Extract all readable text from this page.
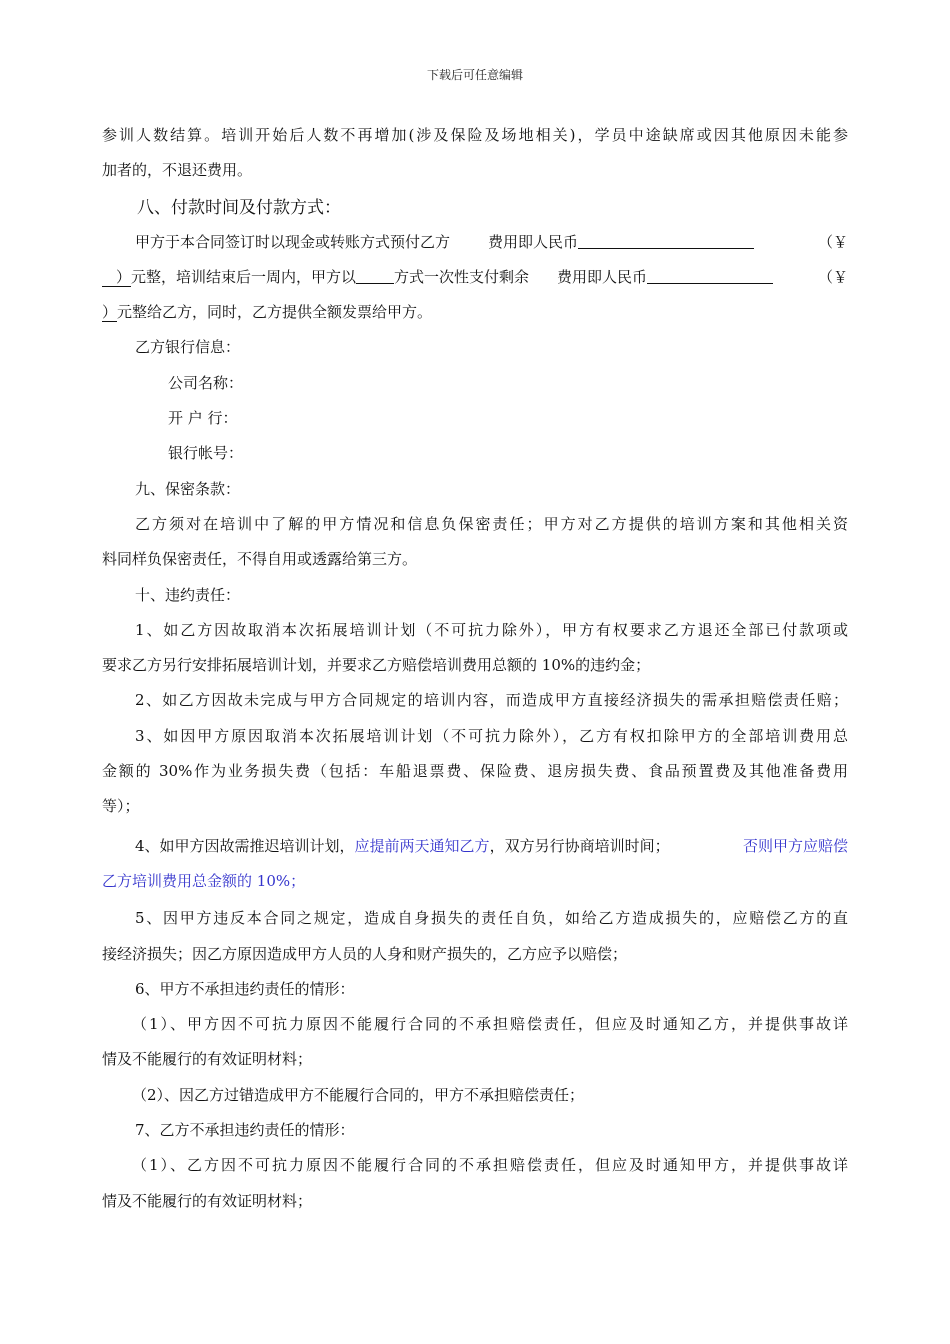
下载后可任意编辑

参训人数结算。培训开始后人数不再增加(涉及保险及场地相关)，学员中途缺席或因其他原因未能参

加者的，不退还费用。

八、付款时间及付款方式：

甲方于本合同签订时以现金或转账方式预付乙方	费用即人民币	（￥

）元整，培训结束后一周内，甲方以	方式一次性支付剩余 费用即人民币	（￥

）元整给乙方，同时，乙方提供全额发票给甲方。

乙方银行信息：

公司名称：

开 户 行：

银行帐号：

九、保密条款：

乙方须对在培训中了解的甲方情况和信息负保密责任；甲方对乙方提供的培训方案和其他相关资

料同样负保密责任，不得自用或透露给第三方。

十、违约责任：

1、如乙方因故取消本次拓展培训计划（不可抗力除外），甲方有权要求乙方退还全部已付款项或

要求乙方另行安排拓展培训计划，并要求乙方赔偿培训费用总额的 10%的违约金；

2、如乙方因故未完成与甲方合同规定的培训内容，而造成甲方直接经济损失的需承担赔偿责任赔；

3、如因甲方原因取消本次拓展培训计划（不可抗力除外），乙方有权扣除甲方的全部培训费用总

金额的 30%作为业务损失费（包括：车船退票费、保险费、退房损失费、食品预置费及其他准备费用

等）；

4、如甲方因故需推迟培训计划，应提前两天通知乙方，双方另行协商培训时间；	否则甲方应赔偿

乙方培训费用总金额的 10%；

5、因甲方违反本合同之规定，造成自身损失的责任自负，如给乙方造成损失的，应赔偿乙方的直

接经济损失；因乙方原因造成甲方人员的人身和财产损失的，乙方应予以赔偿；

6、甲方不承担违约责任的情形：

（1）、甲方因不可抗力原因不能履行合同的不承担赔偿责任，但应及时通知乙方，并提供事故详

情及不能履行的有效证明材料；

（2）、因乙方过错造成甲方不能履行合同的，甲方不承担赔偿责任；

7、乙方不承担违约责任的情形：

（1）、乙方因不可抗力原因不能履行合同的不承担赔偿责任，但应及时通知甲方，并提供事故详

情及不能履行的有效证明材料；
